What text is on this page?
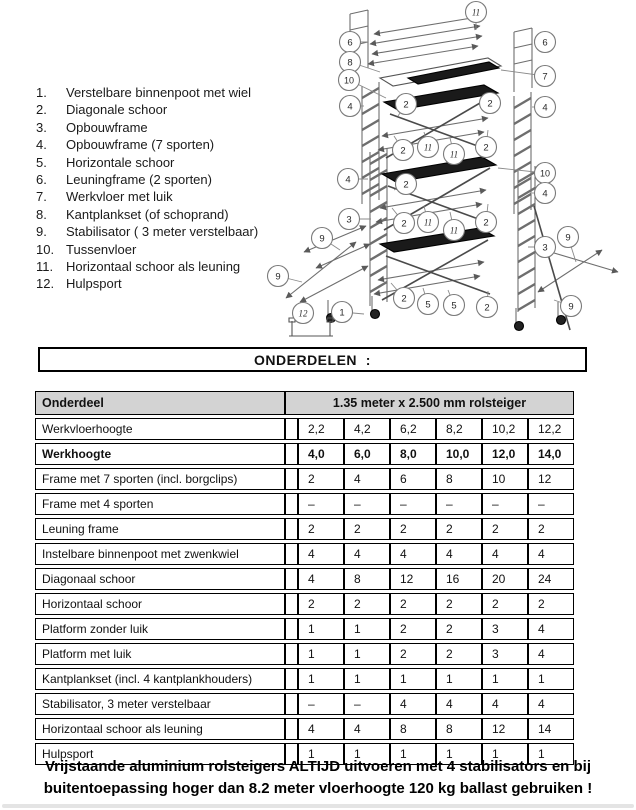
1.	Verstelbare binnenpoot met wiel
2.	Diagonale schoor
3.	Opbouwframe
4.	Opbouwframe (7 sporten)
5.	Horizontale schoor
6.	Leuningframe (2 sporten)
7.	Werkvloer met luik
8.	Kantplankset (of schoprand)
9.	Stabilisator ( 3 meter verstelbaar)
10. Tussenvloer
11. Horizontaal schoor als leuning
12. Hulpsport
11
6	6
8
7
10
4	2	2	4
2 11
11
2
4
10
4
2
3	2 11
11
2
9
3
9
9
2
5 5	2
12	1
9
ONDERDELEN  :
Onderdeel	1.35 meter x 2.500 mm rolsteiger						
Werkvloerhoogte		2,2	4,2	6,2	8,2	10,2	12,2
Werkhoogte		4,0	6,0	8,0	10,0	12,0	14,0
Frame met 7 sporten (incl. borgclips)		2	4	6	8	10	12
Frame met 4 sporten		–	–	–	–	–	–
Leuning frame		2	2	2	2	2	2
Instelbare binnenpoot met zwenkwiel		4	4	4	4	4	4
Diagonaal schoor		4	8	12	16	20	24
Horizontaal schoor		2	2	2	2	2	2
Platform zonder luik		1	1	2	2	3	4
Platform met luik		1	1	2	2	3	4
Kantplankset (incl. 4 kantplankhouders)		1	1	1	1	1	1
Stabilisator, 3 meter verstelbaar		–	–	4	4	4	4
Horizontaal schoor als leuning		4	4	8	8	12	14
Hulpsport		1	1	1	1	1	1
Vrijstaande aluminium rolsteigers ALTIJD uitvoeren met 4 stabilisators en bij
buitentoepassing hoger dan 8.2 meter vloerhoogte 120 kg ballast gebruiken !
